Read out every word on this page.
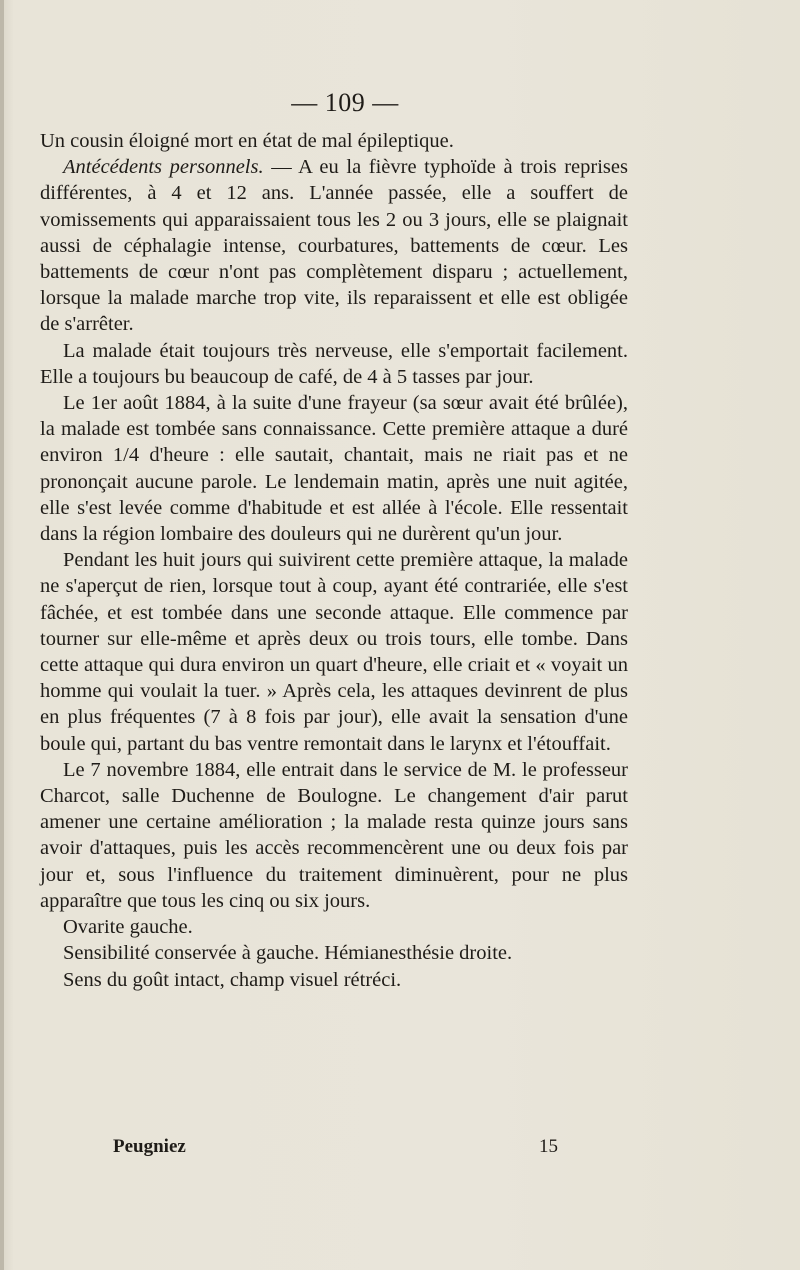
— 109 —

Un cousin éloigné mort en état de mal épileptique.

Antécédents personnels. — A eu la fièvre typhoïde à trois reprises différentes, à 4 et 12 ans. L'année passée, elle a souffert de vomissements qui apparaissaient tous les 2 ou 3 jours, elle se plaignait aussi de céphalagie intense, courbatures, battements de cœur. Les battements de cœur n'ont pas complètement disparu ; actuellement, lorsque la malade marche trop vite, ils reparaissent et elle est obligée de s'arrêter.

La malade était toujours très nerveuse, elle s'emportait facilement. Elle a toujours bu beaucoup de café, de 4 à 5 tasses par jour.

Le 1er août 1884, à la suite d'une frayeur (sa sœur avait été brûlée), la malade est tombée sans connaissance. Cette première attaque a duré environ 1/4 d'heure : elle sautait, chantait, mais ne riait pas et ne prononçait aucune parole. Le lendemain matin, après une nuit agitée, elle s'est levée comme d'habitude et est allée à l'école. Elle ressentait dans la région lombaire des douleurs qui ne durèrent qu'un jour.

Pendant les huit jours qui suivirent cette première attaque, la malade ne s'aperçut de rien, lorsque tout à coup, ayant été contrariée, elle s'est fâchée, et est tombée dans une seconde attaque. Elle commence par tourner sur elle-même et après deux ou trois tours, elle tombe. Dans cette attaque qui dura environ un quart d'heure, elle criait et « voyait un homme qui voulait la tuer. » Après cela, les attaques devinrent de plus en plus fréquentes (7 à 8 fois par jour), elle avait la sensation d'une boule qui, partant du bas ventre remontait dans le larynx et l'étouffait.

Le 7 novembre 1884, elle entrait dans le service de M. le professeur Charcot, salle Duchenne de Boulogne. Le changement d'air parut amener une certaine amélioration ; la malade resta quinze jours sans avoir d'attaques, puis les accès recommencèrent une ou deux fois par jour et, sous l'influence du traitement diminuèrent, pour ne plus apparaître que tous les cinq ou six jours.

Ovarite gauche.

Sensibilité conservée à gauche. Hémianesthésie droite.

Sens du goût intact, champ visuel rétréci.

Peugniez	15
